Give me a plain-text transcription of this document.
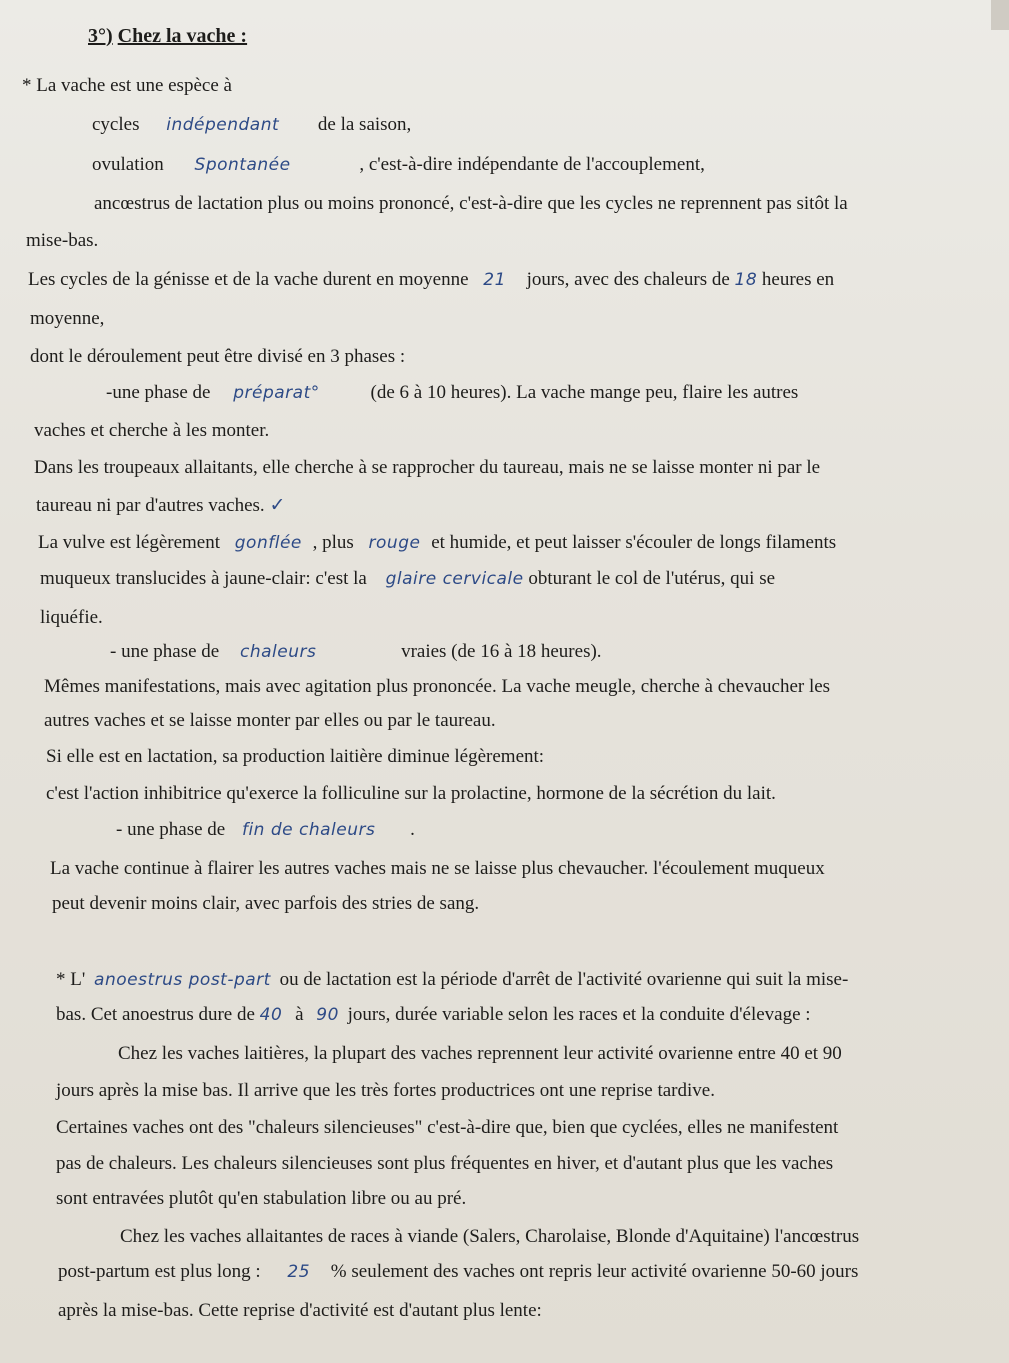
3°) Chez la vache :
* La vache est une espèce à
cycles indépendant de la saison,
ovulation Spontanée	, c'est-à-dire indépendante de l'accouplement,
ancœstrus de lactation plus ou moins prononcé, c'est-à-dire que les cycles ne reprennent pas sitôt la
mise-bas.
Les cycles de la génisse et de la vache durent en moyenne 21 jours, avec des chaleurs de 18 heures en
moyenne,
dont le déroulement peut être divisé en 3 phases :
-une phase de préparat°	(de 6 à 10 heures). La vache mange peu, flaire les autres
vaches et cherche à les monter.
Dans les troupeaux allaitants, elle cherche à se rapprocher du taureau, mais ne se laisse monter ni par le
taureau ni par d'autres vaches. ✓
La vulve est légèrement gonflée , plus rouge et humide, et peut laisser s'écouler de longs filaments
muqueux translucides à jaune-clair: c'est la glaire cervicale obturant le col de l'utérus, qui se
liquéfie.
- une phase de chaleurs	vraies (de 16 à 18 heures).
Mêmes manifestations, mais avec agitation plus prononcée. La vache meugle, cherche à chevaucher les
autres vaches et se laisse monter par elles ou par le taureau.
Si elle est en lactation, sa production laitière diminue légèrement:
c'est l'action inhibitrice qu'exerce la folliculine sur la prolactine, hormone de la sécrétion du lait.
- une phase de fin de chaleurs .
La vache continue à flairer les autres vaches mais ne se laisse plus chevaucher. l'écoulement muqueux
peut devenir moins clair, avec parfois des stries de sang.
* L' anoestrus post-part ou de lactation est la période d'arrêt de l'activité ovarienne qui suit la mise-
bas. Cet anoestrus dure de 40 à 90 jours, durée variable selon les races et la conduite d'élevage :
Chez les vaches laitières, la plupart des vaches reprennent leur activité ovarienne entre 40 et 90
jours après la mise bas. Il arrive que les très fortes productrices ont une reprise tardive.
Certaines vaches ont des "chaleurs silencieuses" c'est-à-dire que, bien que cyclées, elles ne manifestent
pas de chaleurs. Les chaleurs silencieuses sont plus fréquentes en hiver, et d'autant plus que les vaches
sont entravées plutôt qu'en stabulation libre ou au pré.
Chez les vaches allaitantes de races à viande (Salers, Charolaise, Blonde d'Aquitaine) l'ancœstrus
post-partum est plus long : 25 % seulement des vaches ont repris leur activité ovarienne 50-60 jours
après la mise-bas. Cette reprise d'activité est d'autant plus lente:
